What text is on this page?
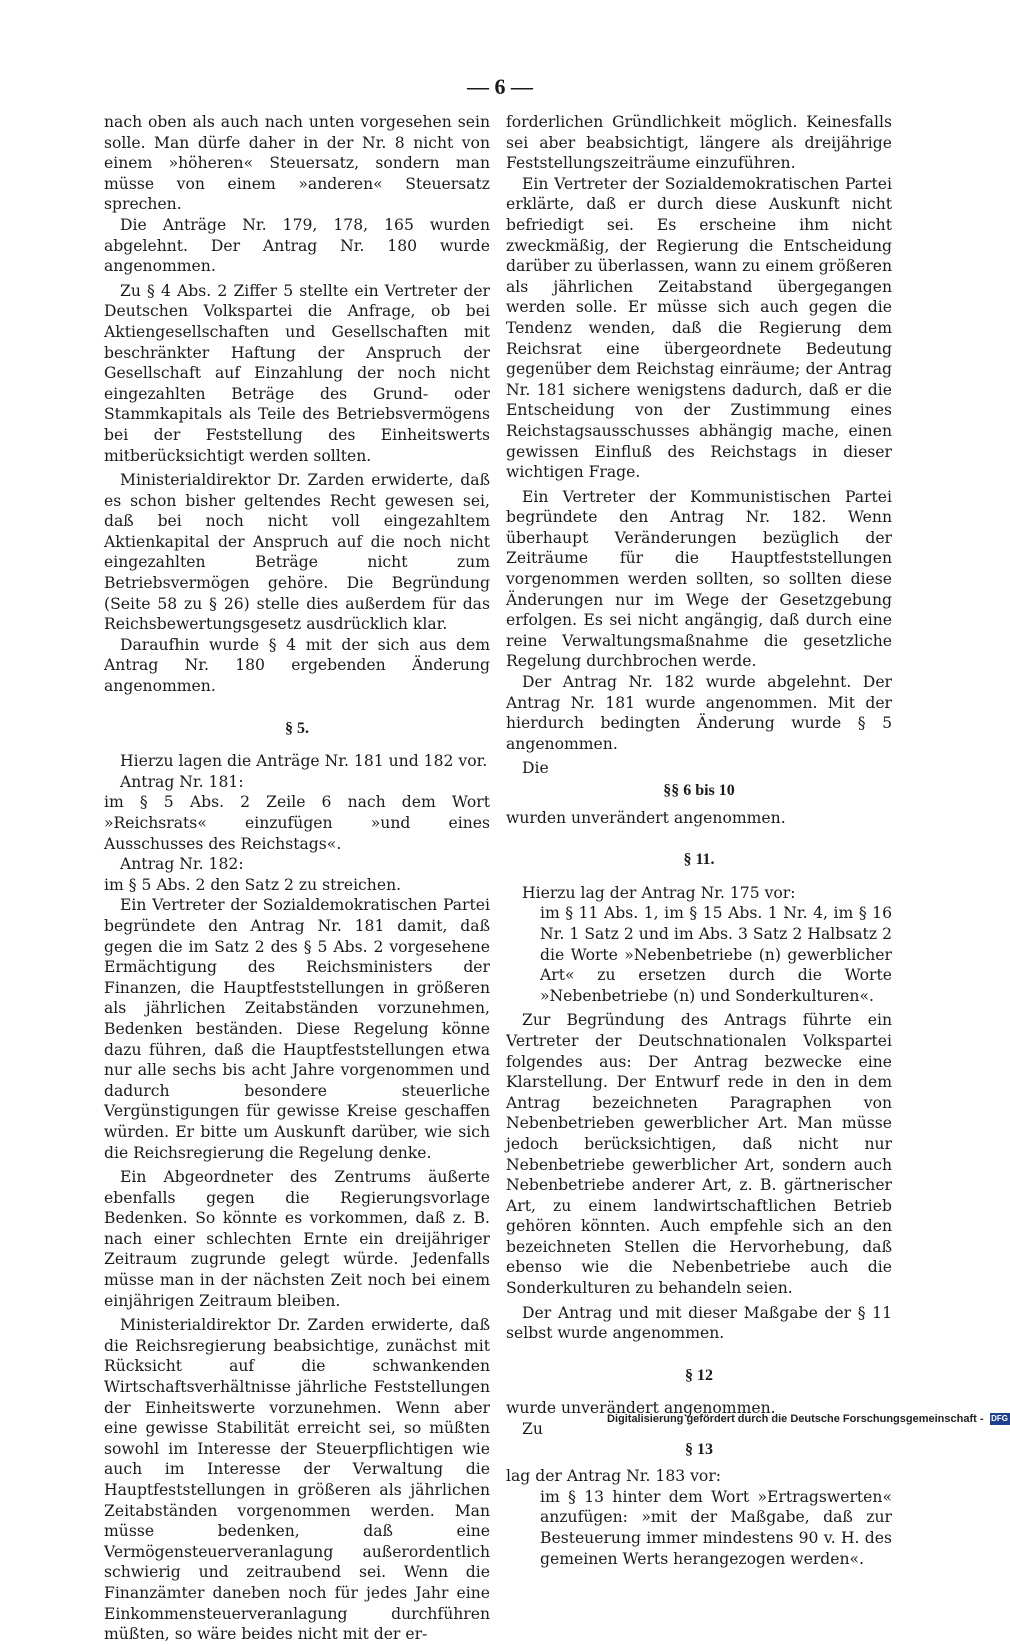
— 6 —

nach oben als auch nach unten vorgesehen sein solle. Man dürfe daher in der Nr. 8 nicht von einem »höheren« Steuersatz, sondern man müsse von einem »anderen« Steuersatz sprechen.

Die Anträge Nr. 179, 178, 165 wurden abgelehnt. Der Antrag Nr. 180 wurde angenommen.

Zu § 4 Abs. 2 Ziffer 5 stellte ein Vertreter der Deutschen Volkspartei die Anfrage, ob bei Aktiengesellschaften und Gesellschaften mit beschränkter Haftung der Anspruch der Gesellschaft auf Einzahlung der noch nicht eingezahlten Beträge des Grund- oder Stammkapitals als Teile des Betriebsvermögens bei der Feststellung des Einheitswerts mitberücksichtigt werden sollten.

Ministerialdirektor Dr. Zarden erwiderte, daß es schon bisher geltendes Recht gewesen sei, daß bei noch nicht voll eingezahltem Aktienkapital der Anspruch auf die noch nicht eingezahlten Beträge nicht zum Betriebsvermögen gehöre. Die Begründung (Seite 58 zu § 26) stelle dies außerdem für das Reichsbewertungsgesetz ausdrücklich klar.

Daraufhin wurde § 4 mit der sich aus dem Antrag Nr. 180 ergebenden Änderung angenommen.

§ 5.

Hierzu lagen die Anträge Nr. 181 und 182 vor.

Antrag Nr. 181:

im § 5 Abs. 2 Zeile 6 nach dem Wort »Reichsrats« einzufügen »und eines Ausschusses des Reichstags«.

Antrag Nr. 182:

im § 5 Abs. 2 den Satz 2 zu streichen.

Ein Vertreter der Sozialdemokratischen Partei begründete den Antrag Nr. 181 damit, daß gegen die im Satz 2 des § 5 Abs. 2 vorgesehene Ermächtigung des Reichsministers der Finanzen, die Hauptfeststellungen in größeren als jährlichen Zeitabständen vorzunehmen, Bedenken beständen. Diese Regelung könne dazu führen, daß die Hauptfeststellungen etwa nur alle sechs bis acht Jahre vorgenommen und dadurch besondere steuerliche Vergünstigungen für gewisse Kreise geschaffen würden. Er bitte um Auskunft darüber, wie sich die Reichsregierung die Regelung denke.

Ein Abgeordneter des Zentrums äußerte ebenfalls gegen die Regierungsvorlage Bedenken. So könnte es vorkommen, daß z. B. nach einer schlechten Ernte ein dreijähriger Zeitraum zugrunde gelegt würde. Jedenfalls müsse man in der nächsten Zeit noch bei einem einjährigen Zeitraum bleiben.

Ministerialdirektor Dr. Zarden erwiderte, daß die Reichsregierung beabsichtige, zunächst mit Rücksicht auf die schwankenden Wirtschaftsverhältnisse jährliche Feststellungen der Einheitswerte vorzunehmen. Wenn aber eine gewisse Stabilität erreicht sei, so müßten sowohl im Interesse der Steuerpflichtigen wie auch im Interesse der Verwaltung die Hauptfeststellungen in größeren als jährlichen Zeitabständen vorgenommen werden. Man müsse bedenken, daß eine Vermögensteuerveranlagung außerordentlich schwierig und zeitraubend sei. Wenn die Finanzämter daneben noch für jedes Jahr eine Einkommensteuerveranlagung durchführen müßten, so wäre beides nicht mit der er-

forderlichen Gründlichkeit möglich. Keinesfalls sei aber beabsichtigt, längere als dreijährige Feststellungszeiträume einzuführen.

Ein Vertreter der Sozialdemokratischen Partei erklärte, daß er durch diese Auskunft nicht befriedigt sei. Es erscheine ihm nicht zweckmäßig, der Regierung die Entscheidung darüber zu überlassen, wann zu einem größeren als jährlichen Zeitabstand übergegangen werden solle. Er müsse sich auch gegen die Tendenz wenden, daß die Regierung dem Reichsrat eine übergeordnete Bedeutung gegenüber dem Reichstag einräume; der Antrag Nr. 181 sichere wenigstens dadurch, daß er die Entscheidung von der Zustimmung eines Reichstagsausschusses abhängig mache, einen gewissen Einfluß des Reichstags in dieser wichtigen Frage.

Ein Vertreter der Kommunistischen Partei begründete den Antrag Nr. 182. Wenn überhaupt Veränderungen bezüglich der Zeiträume für die Hauptfeststellungen vorgenommen werden sollten, so sollten diese Änderungen nur im Wege der Gesetzgebung erfolgen. Es sei nicht angängig, daß durch eine reine Verwaltungsmaßnahme die gesetzliche Regelung durchbrochen werde.

Der Antrag Nr. 182 wurde abgelehnt. Der Antrag Nr. 181 wurde angenommen. Mit der hierdurch bedingten Änderung wurde § 5 angenommen.

Die

§§ 6 bis 10

wurden unverändert angenommen.

§ 11.

Hierzu lag der Antrag Nr. 175 vor:

im § 11 Abs. 1, im § 15 Abs. 1 Nr. 4, im § 16 Nr. 1 Satz 2 und im Abs. 3 Satz 2 Halbsatz 2 die Worte »Nebenbetriebe (n) gewerblicher Art« zu ersetzen durch die Worte »Nebenbetriebe (n) und Sonderkulturen«.

Zur Begründung des Antrags führte ein Vertreter der Deutschnationalen Volkspartei folgendes aus: Der Antrag bezwecke eine Klarstellung. Der Entwurf rede in den in dem Antrag bezeichneten Paragraphen von Nebenbetrieben gewerblicher Art. Man müsse jedoch berücksichtigen, daß nicht nur Nebenbetriebe gewerblicher Art, sondern auch Nebenbetriebe anderer Art, z. B. gärtnerischer Art, zu einem landwirtschaftlichen Betrieb gehören könnten. Auch empfehle sich an den bezeichneten Stellen die Hervorhebung, daß ebenso wie die Nebenbetriebe auch die Sonderkulturen zu behandeln seien.

Der Antrag und mit dieser Maßgabe der § 11 selbst wurde angenommen.

§ 12

wurde unverändert angenommen.

Zu

§ 13

lag der Antrag Nr. 183 vor:

im § 13 hinter dem Wort »Ertragswerten« anzufügen: »mit der Maßgabe, daß zur Besteuerung immer mindestens 90 v. H. des gemeinen Werts herangezogen werden«.

Digitalisierung gefördert durch die Deutsche Forschungsgemeinschaft - DFG
